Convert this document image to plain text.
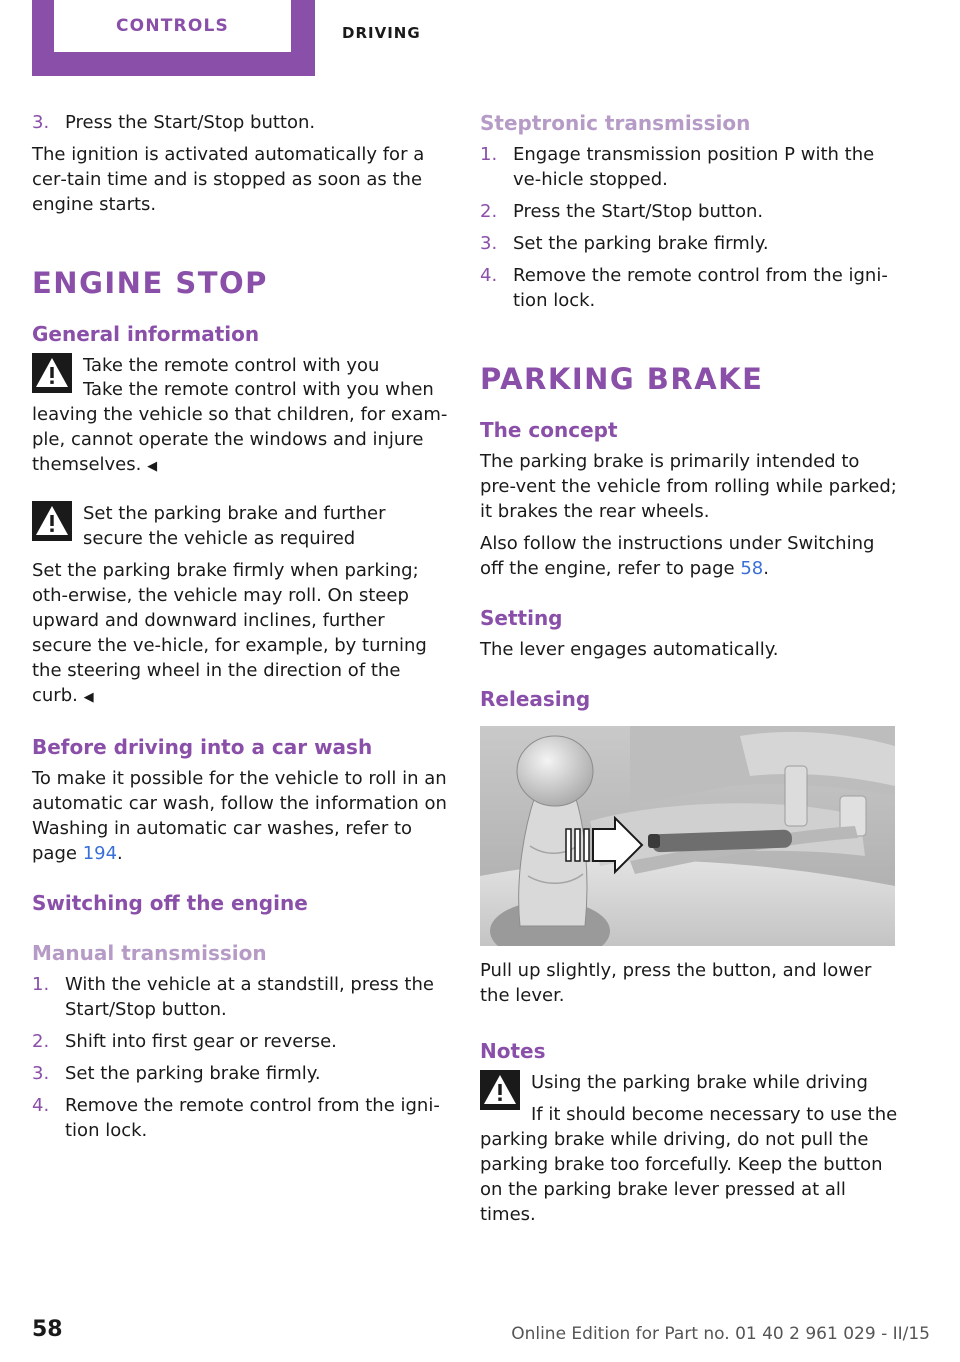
CONTROLS	DRIVING
3. Press the Start/Stop button.

The ignition is activated automatically for a cer‐tain time and is stopped as soon as the engine starts.

ENGINE STOP
General information
Take the remote control with you
Take the remote control with you when leaving the vehicle so that children, for exam‐ple, cannot operate the windows and injure themselves. ◀
Set the parking brake and further secure the vehicle as required
Set the parking brake firmly when parking; oth‐erwise, the vehicle may roll. On steep upward and downward inclines, further secure the ve‐hicle, for example, by turning the steering wheel in the direction of the curb. ◀
Before driving into a car wash

To make it possible for the vehicle to roll in an automatic car wash, follow the information on Washing in automatic car washes, refer to page 194.

Switching off the engine
Manual transmission
1. With the vehicle at a standstill, press the Start/Stop button.
2. Shift into first gear or reverse.
3. Set the parking brake firmly.
4. Remove the remote control from the igni‐tion lock.
Steptronic transmission
1. Engage transmission position P with the ve‐hicle stopped.
2. Press the Start/Stop button.
3. Set the parking brake firmly.
4. Remove the remote control from the igni‐tion lock.
PARKING BRAKE
The concept

The parking brake is primarily intended to pre‐vent the vehicle from rolling while parked; it brakes the rear wheels.

Also follow the instructions under Switching off the engine, refer to page 58.

Setting

The lever engages automatically.

Releasing

Pull up slightly, press the button, and lower the lever.

Notes
Using the parking brake while driving
If it should become necessary to use the parking brake while driving, do not pull the parking brake too forcefully. Keep the button on the parking brake lever pressed at all times.
58	Online Edition for Part no. 01 40 2 961 029 - II/15
